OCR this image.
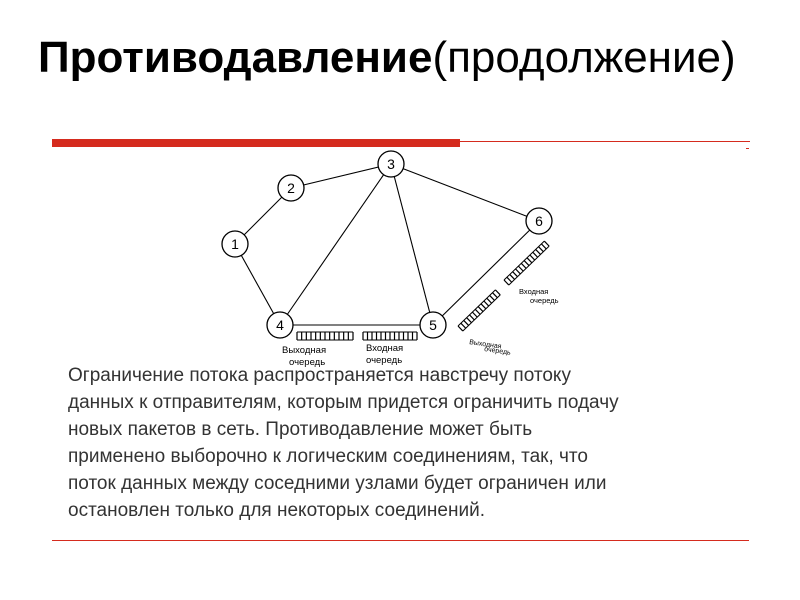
Противодавление(продолжение)
1
2
3
4	5
6
Выходная
очередь
Входная
очередь
Входная
очередь
Выходная
очередь

Ограничение потока распространяется навстречу потоку
данных к отправителям, которым придется ограничить подачу
новых пакетов в сеть. Противодавление может быть
применено выборочно к логическим соединениям, так, что
поток данных между соседними узлами будет ограничен или
остановлен только для некоторых соединений.
